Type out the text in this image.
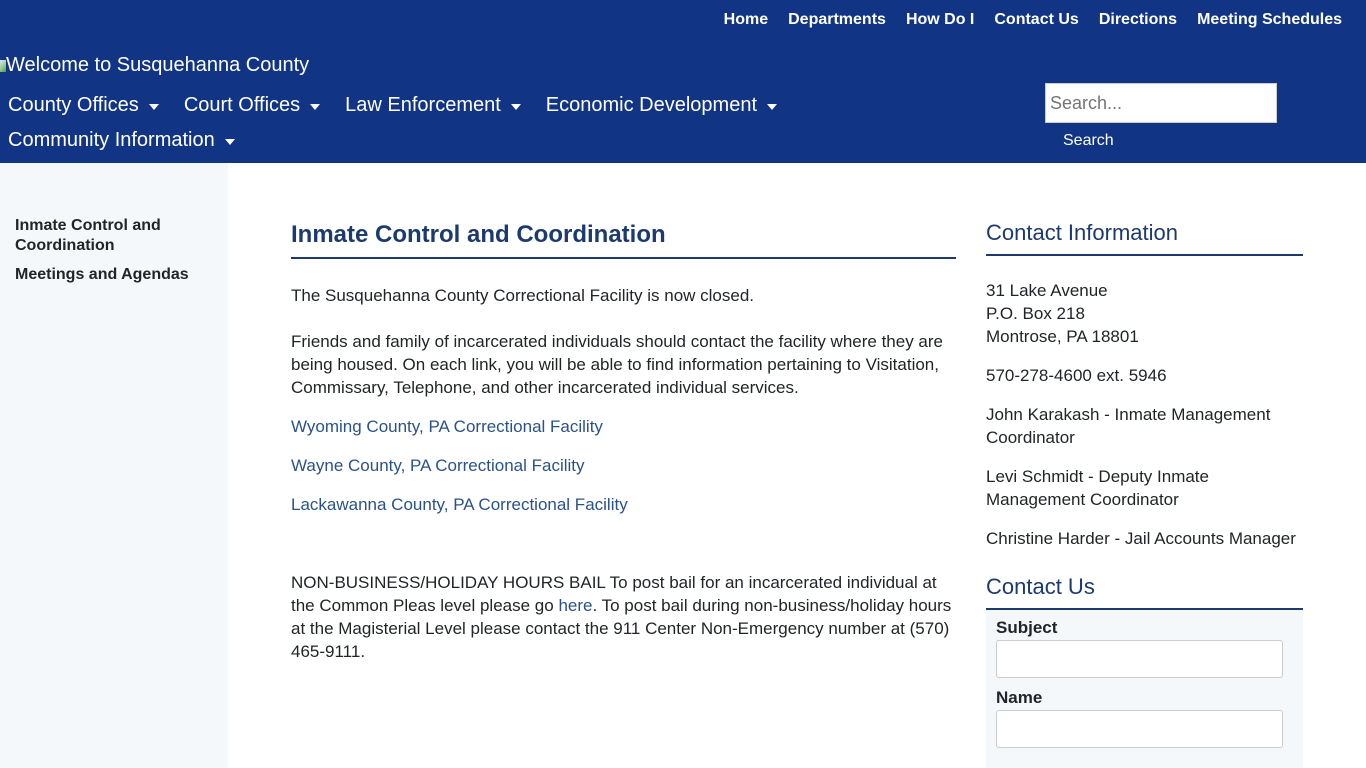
Home	Departments	How Do I	Contact Us	Directions	Meeting Schedules
Welcome to Susquehanna County
County Offices Court Offices Law Enforcement Economic Development
Community Information
Search...	Search
Inmate Control and Coordination
Meetings and Agendas
Inmate Control and Coordination

The Susquehanna County Correctional Facility is now closed.

Friends and family of incarcerated individuals should contact the facility where they are being housed. On each link, you will be able to find information pertaining to Visitation, Commissary, Telephone, and other incarcerated individual services.

Wyoming County, PA Correctional Facility

Wayne County, PA Correctional Facility

Lackawanna County, PA Correctional Facility

NON-BUSINESS/HOLIDAY HOURS BAIL To post bail for an incarcerated individual at the Common Pleas level please go here. To post bail during non-business/holiday hours at the Magisterial Level please contact the 911 Center Non-Emergency number at (570) 465-9111.

Contact Information

31 Lake Avenue
P.O. Box 218
Montrose, PA 18801

570-278-4600 ext. 5946

John Karakash - Inmate Management Coordinator

Levi Schmidt - Deputy Inmate Management Coordinator

Christine Harder - Jail Accounts Manager

Contact Us
Subject
Name
